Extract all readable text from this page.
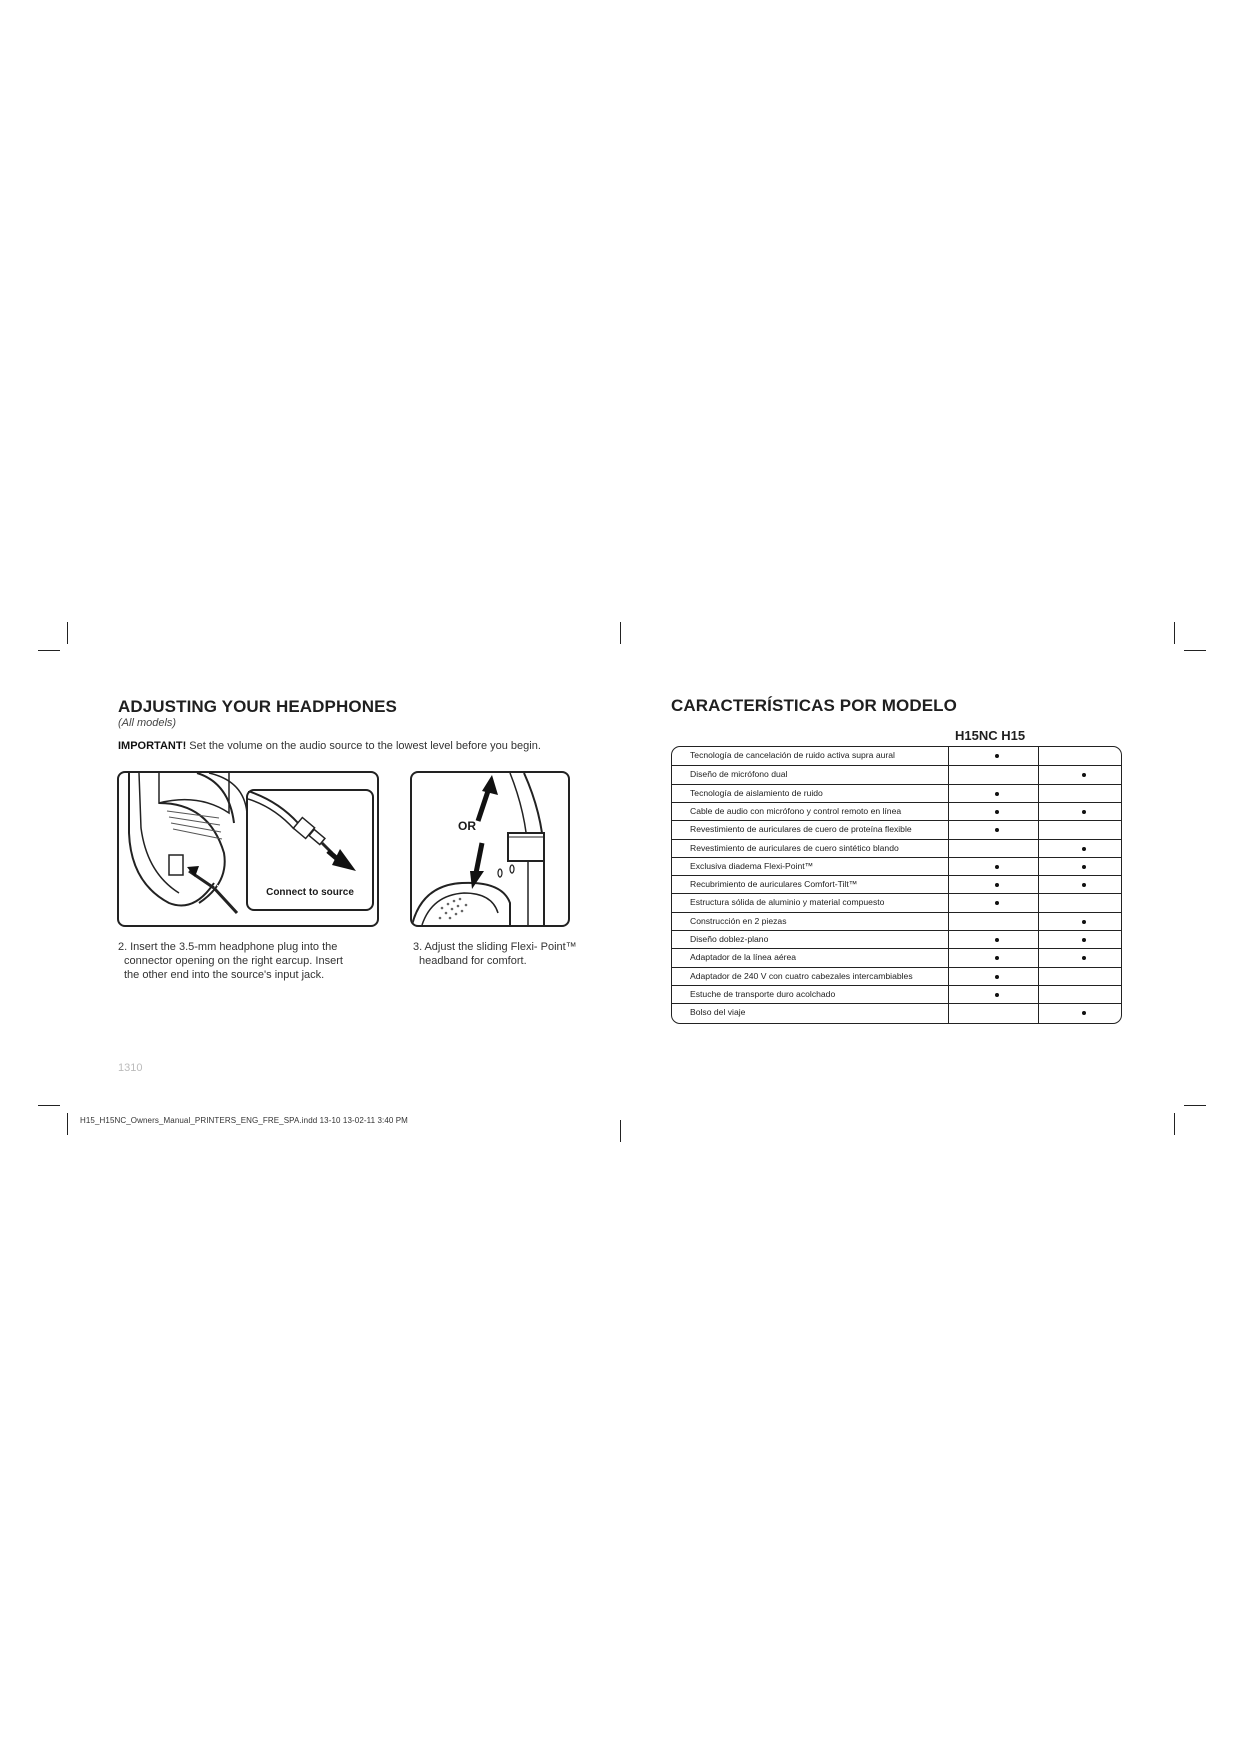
ADJUSTING YOUR HEADPHONES
(All models)
IMPORTANT! Set the volume on the audio source to the lowest level before you begin.
Connect to source
OR
2. Insert the 3.5-mm headphone plug into the
connector opening on the right earcup. Insert
the other end into the source's input jack.
3. Adjust the sliding Flexi- Point™
headband for comfort.
1310
H15_H15NC_Owners_Manual_PRINTERS_ENG_FRE_SPA.indd 13-10 13-02-11 3:40 PM
CARACTERÍSTICAS POR MODELO
H15NC H15
Tecnología de cancelación de ruido activa supra aural
Diseño de micrófono dual
Tecnología de aislamiento de ruido
Cable de audio con micrófono y control remoto en línea
Revestimiento de auriculares de cuero de proteína flexible
Revestimiento de auriculares de cuero sintético blando
Exclusiva diadema Flexi-Point™
Recubrimiento de auriculares Comfort-Tilt™
Estructura sólida de aluminio y material compuesto
Construcción en 2 piezas
Diseño doblez-plano
Adaptador de la línea aérea
Adaptador de 240 V con cuatro cabezales intercambiables
Estuche de transporte duro acolchado
Bolso del viaje
